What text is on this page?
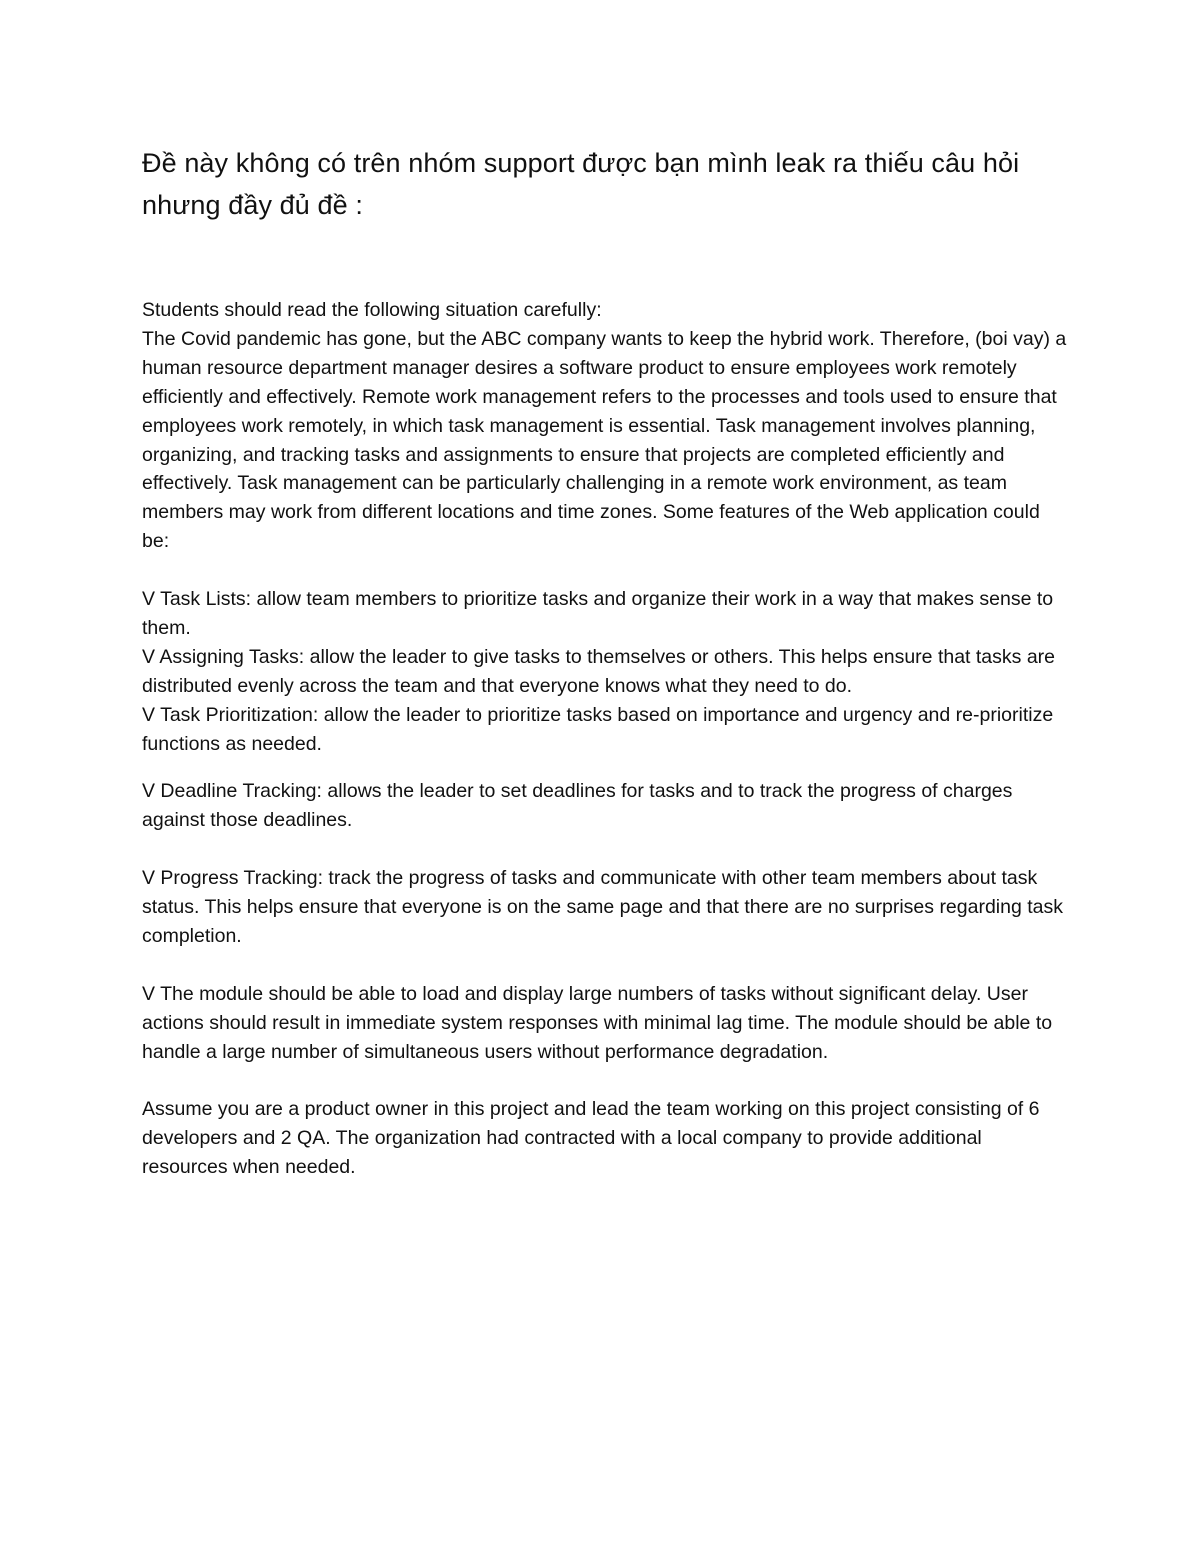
Đề này không có trên nhóm support được bạn mình leak ra thiếu câu hỏi nhưng đầy đủ đề :

Students should read the following situation carefully:

The Covid pandemic has gone, but the ABC company wants to keep the hybrid work. Therefore, (boi vay) a human resource department manager desires a software product to ensure employees work remotely efficiently and effectively. Remote work management refers to the processes and tools used to ensure that employees work remotely, in which task management is essential. Task management involves planning, organizing, and tracking tasks and assignments to ensure that projects are completed efficiently and effectively. Task management can be particularly challenging in a remote work environment, as team members may work from different locations and time zones. Some features of the Web application could be:

V Task Lists: allow team members to prioritize tasks and organize their work in a way that makes sense to them.
V Assigning Tasks: allow the leader to give tasks to themselves or others. This helps ensure that tasks are distributed evenly across the team and that everyone knows what they need to do.
V Task Prioritization: allow the leader to prioritize tasks based on importance and urgency and re-prioritize functions as needed.
V Deadline Tracking: allows the leader to set deadlines for tasks and to track the progress of charges against those deadlines.
V Progress Tracking: track the progress of tasks and communicate with other team members about task status. This helps ensure that everyone is on the same page and that there are no surprises regarding task completion.
V The module should be able to load and display large numbers of tasks without significant delay. User actions should result in immediate system responses with minimal lag time. The module should be able to handle a large number of simultaneous users without performance degradation.

Assume you are a product owner in this project and lead the team working on this project consisting of 6 developers and 2 QA. The organization had contracted with a local company to provide additional resources when needed.
